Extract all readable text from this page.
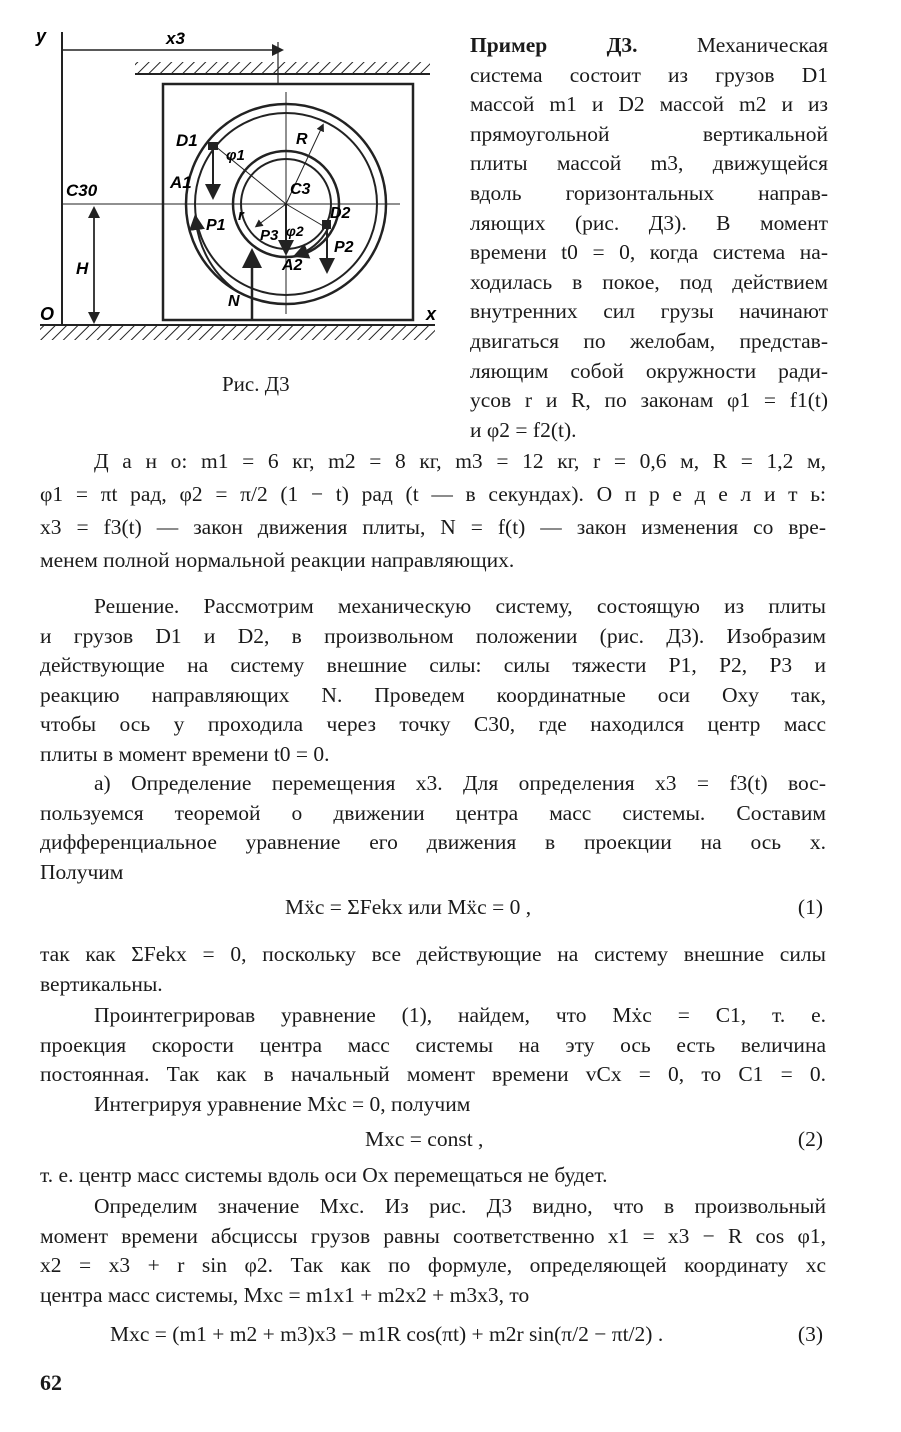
y	x3
x
O
C30
H
D1
D2
A1
A2
C3
φ1
φ2
R
r
P1
P2
P3
N
Рис. Д3
Пример Д3.	Механическая
система состоит из грузов D1
массой m1 и D2 массой m2 и из
прямоугольной вертикальной
плиты массой m3, движущейся
вдоль горизонтальных направ-
ляющих (рис. Д3). В момент
времени t0 = 0, когда система на-
ходилась в покое, под действием
внутренних сил грузы начинают
двигаться по желобам, представ-
ляющим собой окружности ради-
усов r и R, по законам φ1 = f1(t)
и φ2 = f2(t).
Д а н о: m1 = 6 кг, m2 = 8 кг, m3 = 12 кг, r = 0,6 м, R = 1,2 м,
φ1 = πt рад, φ2 = π/2 (1 − t) рад (t — в секундах). О п р е д е л и т ь:
x3 = f3(t) — закон движения плиты, N = f(t) — закон изменения со вре-
менем полной нормальной реакции направляющих.
Решение. Рассмотрим механическую систему, состоящую из плиты
и грузов D1 и D2, в произвольном положении (рис. Д3). Изобразим
действующие на систему внешние силы: силы тяжести P1, P2, P3 и
реакцию направляющих N. Проведем координатные оси Oxy так,
чтобы ось y проходила через точку C30, где находился центр масс
плиты в момент времени t0 = 0.
а) Определение перемещения x3. Для определения x3 = f3(t) вос-
пользуемся теоремой о движении центра масс системы. Составим
дифференциальное уравнение его движения в проекции на ось x.
Получим
Mẍc = ΣFekx или Mẍc = 0 ,	(1)
так как ΣFekx = 0, поскольку все действующие на систему внешние силы
вертикальны.
Проинтегрировав уравнение (1), найдем, что Mẋc = C1, т. е.
проекция скорости центра масс системы на эту ось есть величина
постоянная. Так как в начальный момент времени vCx = 0, то C1 = 0.
Интегрируя уравнение Mẋc = 0, получим
Mxc = const ,	(2)
т. е. центр масс системы вдоль оси Ox перемещаться не будет.
Определим значение Mxc. Из рис. Д3 видно, что в произвольный
момент времени абсциссы грузов равны соответственно x1 = x3 − R cos φ1,
x2 = x3 + r sin φ2. Так как по формуле, определяющей координату xc
центра масс системы, Mxc = m1x1 + m2x2 + m3x3, то
Mxc = (m1 + m2 + m3)x3 − m1R cos(πt) + m2r sin(π/2 − πt/2) .	(3)
62
